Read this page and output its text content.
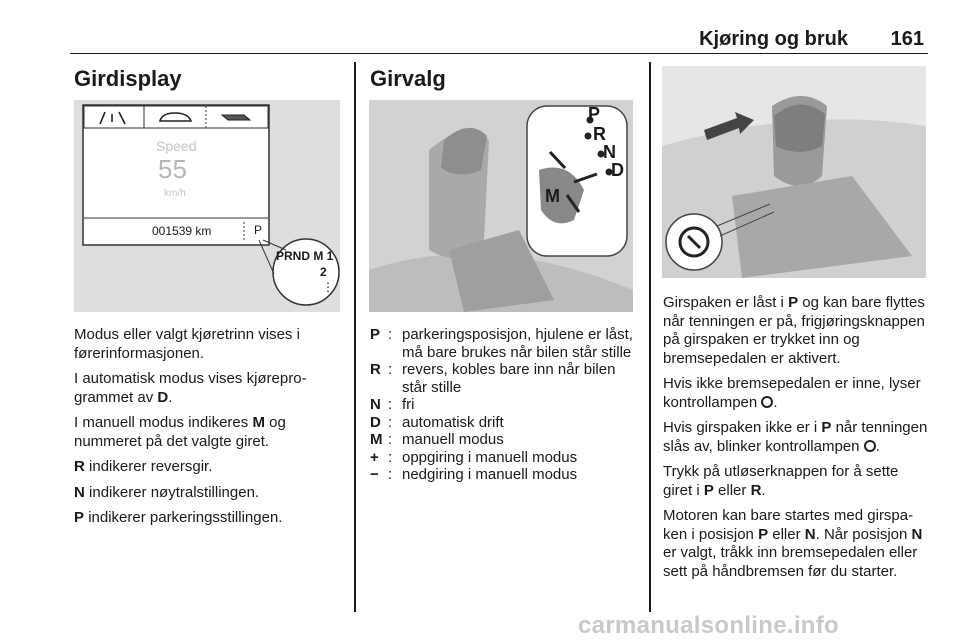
Kjøring og bruk 161
Girdisplay
Speed
55
km/h
001539 km	P
PRND M 1
2
⋮

Modus eller valgt kjøretrinn vises i førerinformasjonen.

I automatisk modus vises kjøreprogrammet av D.

I manuell modus indikeres M og nummeret på det valgte giret.

R indikerer reversgir.

N indikerer nøytralstillingen.

P indikerer parkeringsstillingen.

Girvalg
P
R
N
D
M
P : parkeringsposisjon, hjulene er låst, må bare brukes når bilen står stille
R : revers, kobles bare inn når bilen står stille
N : fri
D : automatisk drift
M : manuell modus
+ : oppgiring i manuell modus
− : nedgiring i manuell modus

Girspaken er låst i P og kan bare flyttes når tenningen er på, frigjøringsknappen på girspaken er trykket inn og bremsepedalen er aktivert.

Hvis ikke bremsepedalen er inne, lyser kontrollampen .

Hvis girspaken ikke er i P når tenningen slås av, blinker kontrollampen .

Trykk på utløserknappen for å sette giret i P eller R.

Motoren kan bare startes med girspaken i posisjon P eller N. Når posisjon N er valgt, tråkk inn bremsepedalen eller sett på håndbremsen før du starter.

carmanualsonline.info
